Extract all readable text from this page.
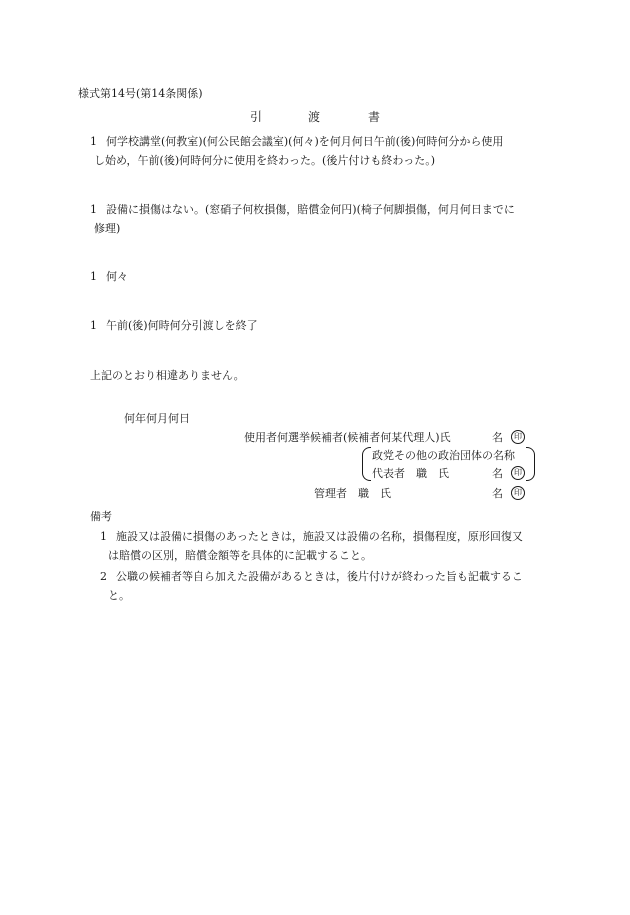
様式第14号(第14条関係)
引	渡	書
1 何学校講堂(何教室)(何公民館会議室)(何々)を何月何日午前(後)何時何分から使用
し始め，午前(後)何時何分に使用を終わった。(後片付けも終わった。)
1 設備に損傷はない。(窓硝子何枚損傷，賠償金何円)(椅子何脚損傷，何月何日までに
修理)
1 何々
1 午前(後)何時何分引渡しを終了
上記のとおり相違ありません。
何年何月何日
使用者何選挙候補者(候補者何某代理人)氏	名	印
政党その他の政治団体の名称
代表者　職　氏	名	印
管理者　職　氏	名	印
備考
1 施設又は設備に損傷のあったときは，施設又は設備の名称，損傷程度，原形回復又
は賠償の区別，賠償金額等を具体的に記載すること。
2 公職の候補者等自ら加えた設備があるときは，後片付けが終わった旨も記載するこ
と。
